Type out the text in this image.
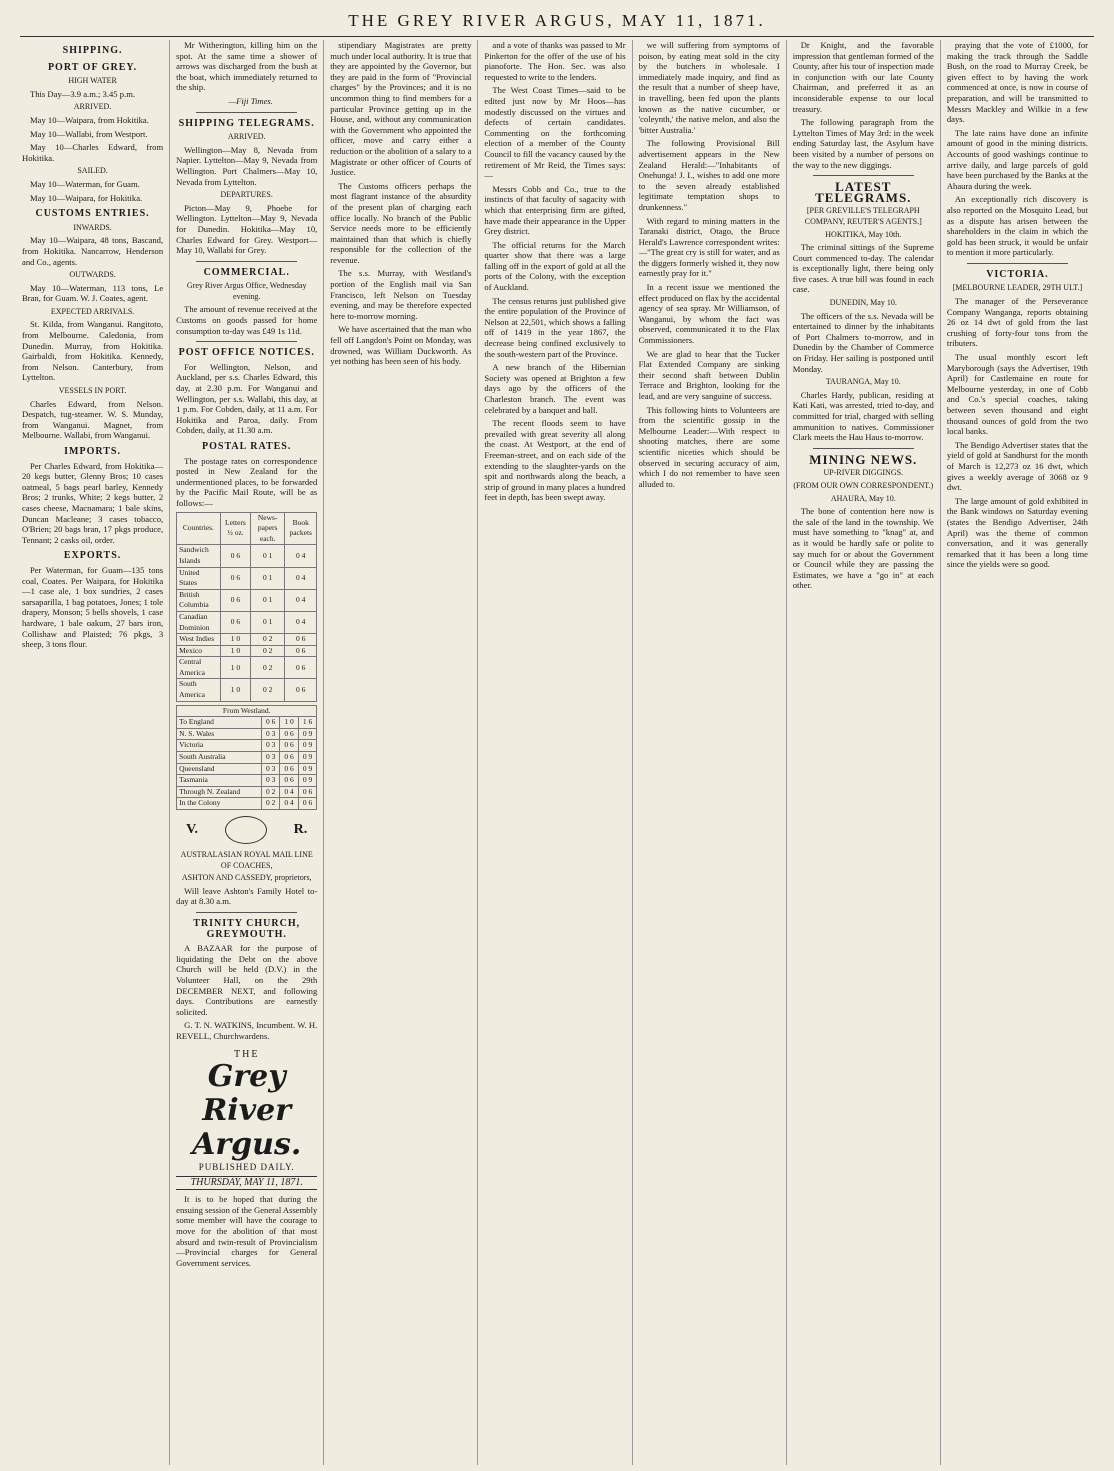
THE GREY RIVER ARGUS, MAY 11, 1871.
SHIPPING.
PORT OF GREY.
HIGH WATER

This Day—3.9 a.m.; 3.45 p.m.

ARRIVED.

May 10—Waipara, from Hokitika.

May 10—Wallabi, from Westport.

May 10—Charles Edward, from Hokitika.

SAILED.

May 10—Waterman, for Guam.

May 10—Waipara, for Hokitika.

CUSTOMS ENTRIES.
INWARDS.

May 10—Waipara, 48 tons, Bascand, from Hokitika. Nancarrow, Henderson and Co., agents.

OUTWARDS.

May 10—Waterman, 113 tons, Le Bran, for Guam. W. J. Coates, agent.

EXPECTED ARRIVALS.

St. Kilda, from Wanganui. Rangitoto, from Melbourne. Caledonia, from Dunedin. Murray, from Hokitika. Gairbaldi, from Hokitika. Kennedy, from Nelson. Canterbury, from Lyttelton.

VESSELS IN PORT.

Charles Edward, from Nelson. Despatch, tug-steamer. W. S. Munday, from Wanganui. Magnet, from Melbourne. Wallabi, from Wanganui.

IMPORTS.

Per Charles Edward, from Hokitika—20 kegs butter, Glenny Bros; 10 cases oatmeal, 5 bags pearl barley, Kennedy Bros; 2 trunks, White; 2 kegs butter, 2 cases cheese, Macnamara; 1 bale skins, Duncan Macleane; 3 cases tobacco, O'Brien; 20 bags bran, 17 pkgs produce, Tennant; 2 casks oil, order.

EXPORTS.

Per Waterman, for Guam—135 tons coal, Coates. Per Waipara, for Hokitika—1 case ale, 1 box sundries, 2 cases sarsaparilla, 1 bag potatoes, Jones; 1 tole drapery, Monson; 5 bells shovels, 1 case hardware, 1 bale oakum, 27 bars iron, Collishaw and Plaisted; 76 pkgs, 3 sheep, 3 tons flour.

Mr Witherington, killing him on the spot. At the same time a shower of arrows was discharged from the bush at the boat, which immediately returned to the ship.

—Fiji Times.

SHIPPING TELEGRAMS.
ARRIVED.

Wellington—May 8, Nevada from Napier. Lyttelton—May 9, Nevada from Wellington. Port Chalmers—May 10, Nevada from Lyttelton.

DEPARTURES.

Picton—May 9, Phoebe for Wellington. Lyttelton—May 9, Nevada for Dunedin. Hokitika—May 10, Charles Edward for Grey. Westport—May 10, Wallabi for Grey.

COMMERCIAL.
Grey River Argus Office, Wednesday evening.

The amount of revenue received at the Customs on goods passed for home consumption to-day was £49 1s 11d.

POST OFFICE NOTICES.

For Wellington, Nelson, and Auckland, per s.s. Charles Edward, this day, at 2.30 p.m. For Wanganui and Wellington, per s.s. Wallabi, this day, at 1 p.m. For Cobden, daily, at 11 a.m. For Hokitika and Paroa, daily. From Cobden, daily, at 11.30 a.m.

POSTAL RATES.

The postage rates on correspondence posted in New Zealand for the undermentioned places, to be forwarded by the Pacific Mail Route, will be as follows:—

Countries.	Letters ½ oz.	News-papers each.	Book packets
Sandwich Islands	0 6	0 1	0 4
United States	0 6	0 1	0 4
British Columbia	0 6	0 1	0 4
Canadian Dominion	0 6	0 1	0 4
West Indies	1 0	0 2	0 6
Mexico	1 0	0 2	0 6
Central America	1 0	0 2	0 6
South America	1 0	0 2	0 6
From Westland.			
To England	0 6	1 0	1 6
N. S. Wales	0 3	0 6	0 9
Victoria	0 3	0 6	0 9
South Australia	0 3	0 6	0 9
Queensland	0 3	0 6	0 9
Tasmania	0 3	0 6	0 9
Through N. Zealand	0 2	0 4	0 6
In the Colony	0 2	0 4	0 6
V.	R.
AUSTRALASIAN ROYAL MAIL LINE OF COACHES,
ASHTON AND CASSEDY, proprietors,

Will leave Ashton's Family Hotel to-day at 8.30 a.m.

TRINITY CHURCH, GREYMOUTH.

A BAZAAR for the purpose of liquidating the Debt on the above Church will be held (D.V.) in the Volunteer Hall, on the 29th DECEMBER NEXT, and following days. Contributions are earnestly solicited.

G. T. N. WATKINS, Incumbent. W. H. REVELL, Churchwardens.

THE
Grey River Argus.
PUBLISHED DAILY.
THURSDAY, MAY 11, 1871.

It is to be hoped that during the ensuing session of the General Assembly some member will have the courage to move for the abolition of that most absurd and twin-result of Provincialism—Provincial charges for General Government services.

stipendiary Magistrates are pretty much under local authority. It is true that they are appointed by the Governor, but they are paid in the form of "Provincial charges" by the Provinces; and it is no uncommon thing to find members for a particular Province getting up in the House, and, without any communication with the Government who appointed the officer, move and carry either a reduction or the abolition of a salary to a Magistrate or other officer of Courts of Justice.

The Customs officers perhaps the most flagrant instance of the absurdity of the present plan of charging each office locally. No branch of the Public Service needs more to be efficiently maintained than that which is chiefly responsible for the collection of the revenue.

The s.s. Murray, with Westland's portion of the English mail via San Francisco, left Nelson on Tuesday evening, and may be therefore expected here to-morrow morning.

We have ascertained that the man who fell off Langdon's Point on Monday, was drowned, was William Duckworth. As yet nothing has been seen of his body.

and a vote of thanks was passed to Mr Pinkerton for the offer of the use of his pianoforte. The Hon. Sec. was also requested to write to the lenders.

The West Coast Times—said to be edited just now by Mr Hoos—has modestly discussed on the virtues and defects of certain candidates. Commenting on the forthcoming election of a member of the County Council to fill the vacancy caused by the retirement of Mr Reid, the Times says:—

Messrs Cobb and Co., true to the instincts of that faculty of sagacity with which that enterprising firm are gifted, have made their appearance in the Upper Grey district.

The official returns for the March quarter show that there was a large falling off in the export of gold at all the ports of the Colony, with the exception of Auckland.

The census returns just published give the entire population of the Province of Nelson at 22,501, which shows a falling off of 1419 in the year 1867, the decrease being confined exclusively to the south-western part of the Province.

A new branch of the Hibernian Society was opened at Brighton a few days ago by the officers of the Charleston branch. The event was celebrated by a banquet and ball.

The recent floods seem to have prevailed with great severity all along the coast. At Westport, at the end of Freeman-street, and on each side of the extending to the slaughter-yards on the spit and northwards along the beach, a strip of ground in many places a hundred feet in depth, has been swept away.

we will suffering from symptoms of poison, by eating meat sold in the city by the butchers in wholesale. I immediately made inquiry, and find as the result that a number of sheep have, in travelling, been fed upon the plants known as the native cucumber, or 'coleynth,' the native melon, and also the 'bitter Australia.'

The following Provisional Bill advertisement appears in the New Zealand Herald:—"Inhabitants of Onehunga! J. I., wishes to add one more to the seven already established legitimate temptation shops to drunkenness."

With regard to mining matters in the Taranaki district, Otago, the Bruce Herald's Lawrence correspondent writes:—"The great cry is still for water, and as the diggers formerly wished it, they now earnestly pray for it."

In a recent issue we mentioned the effect produced on flax by the accidental agency of sea spray. Mr Williamson, of Wanganui, by whom the fact was observed, communicated it to the Flax Commissioners.

We are glad to hear that the Tucker Flat Extended Company are sinking their second shaft between Dublin Terrace and Brighton, looking for the lead, and are very sanguine of success.

This following hints to Volunteers are from the scientific gossip in the Melbourne Leader:—With respect to shooting matches, there are some scientific niceties which should be observed in securing accuracy of aim, which I do not remember to have seen alluded to.

Dr Knight, and the favorable impression that gentleman formed of the County, after his tour of inspection made in conjunction with our late County Chairman, and preferred it as an inconsiderable expense to our local treasury.

The following paragraph from the Lyttelton Times of May 3rd: in the week ending Saturday last, the Asylum have been visited by a number of persons on the way to the new diggings.

LATEST TELEGRAMS.
[PER GREVILLE'S TELEGRAPH COMPANY, REUTER'S AGENTS.]
HOKITIKA, May 10th.

The criminal sittings of the Supreme Court commenced to-day. The calendar is exceptionally light, there being only five cases. A true bill was found in each case.

DUNEDIN, May 10.

The officers of the s.s. Nevada will be entertained to dinner by the inhabitants of Port Chalmers to-morrow, and in Dunedin by the Chamber of Commerce on Friday. Her sailing is postponed until Monday.

TAURANGA, May 10.

Charles Hardy, publican, residing at Kati Kati, was arrested, tried to-day, and committed for trial, charged with selling ammunition to natives. Commissioner Clark meets the Hau Haus to-morrow.

MINING NEWS.
UP-RIVER DIGGINGS.
(FROM OUR OWN CORRESPONDENT.)
AHAURA, May 10.

The bone of contention here now is the sale of the land in the township. We must have something to "knag" at, and as it would be hardly safe or polite to say much for or about the Government or Council while they are passing the Estimates, we have a "go in" at each other.

praying that the vote of £1000, for making the track through the Saddle Bush, on the road to Murray Creek, be given effect to by having the work commenced at once, is now in course of preparation, and will be transmitted to Messrs Mackley and Wilkie in a few days.

The late rains have done an infinite amount of good in the mining districts. Accounts of good washings continue to arrive daily, and large parcels of gold have been purchased by the Banks at the Ahaura during the week.

An exceptionally rich discovery is also reported on the Mosquito Lead, but as a dispute has arisen between the shareholders in the claim in which the gold has been struck, it would be unfair to mention it more particularly.

VICTORIA.
[MELBOURNE LEADER, 29TH ULT.]

The manager of the Perseverance Company Wanganga, reports obtaining 26 oz 14 dwt of gold from the last crushing of forty-four tons from the tributers.

The usual monthly escort left Maryborough (says the Advertiser, 19th April) for Castlemaine en route for Melbourne yesterday, in one of Cobb and Co.'s special coaches, taking between seven thousand and eight thousand ounces of gold from the two local banks.

The Bendigo Advertiser states that the yield of gold at Sandhurst for the month of March is 12,273 oz 16 dwt, which gives a weekly average of 3068 oz 9 dwt.

The large amount of gold exhibited in the Bank windows on Saturday evening (states the Bendigo Advertiser, 24th April) was the theme of common conversation, and it was generally remarked that it has been a long time since the yields were so good.
